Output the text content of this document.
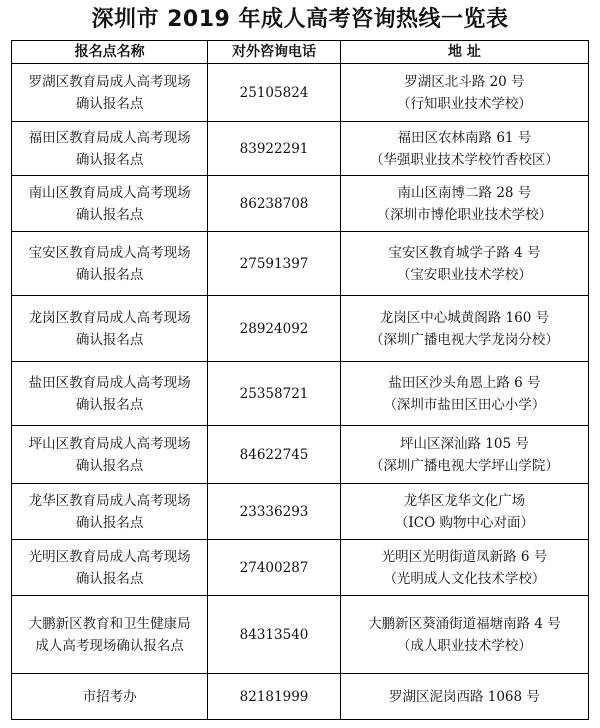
深圳市 2019 年成人高考咨询热线一览表
报名点名称	对外咨询电话	地 址

罗湖区教育局成人高考现场
确认报名点	25105824	罗湖区北斗路 20 号
（行知职业技术学校）

福田区教育局成人高考现场
确认报名点	83922291	福田区农林南路 61 号
（华强职业技术学校竹香校区）

南山区教育局成人高考现场
确认报名点	86238708	南山区南博二路 28 号
（深圳市博伦职业技术学校）

宝安区教育局成人高考现场
确认报名点	27591397	宝安区教育城学子路 4 号
（宝安职业技术学校）

龙岗区教育局成人高考现场
确认报名点	28924092	龙岗区中心城黄阁路 160 号
（深圳广播电视大学龙岗分校）

盐田区教育局成人高考现场
确认报名点	25358721	盐田区沙头角恩上路 6 号
（深圳市盐田区田心小学）

坪山区教育局成人高考现场
确认报名点	84622745	坪山区深汕路 105 号
（深圳广播电视大学坪山学院）

龙华区教育局成人高考现场
确认报名点	23336293	龙华区龙华文化广场
（ICO 购物中心对面）

光明区教育局成人高考现场
确认报名点	27400287	光明区光明街道凤新路 6 号
（光明成人文化技术学校）

大鹏新区教育和卫生健康局
成人高考现场确认报名点	84313540	大鹏新区葵涌街道福塘南路 4 号
（成人职业技术学校）

市招考办	82181999	罗湖区泥岗西路 1068 号
